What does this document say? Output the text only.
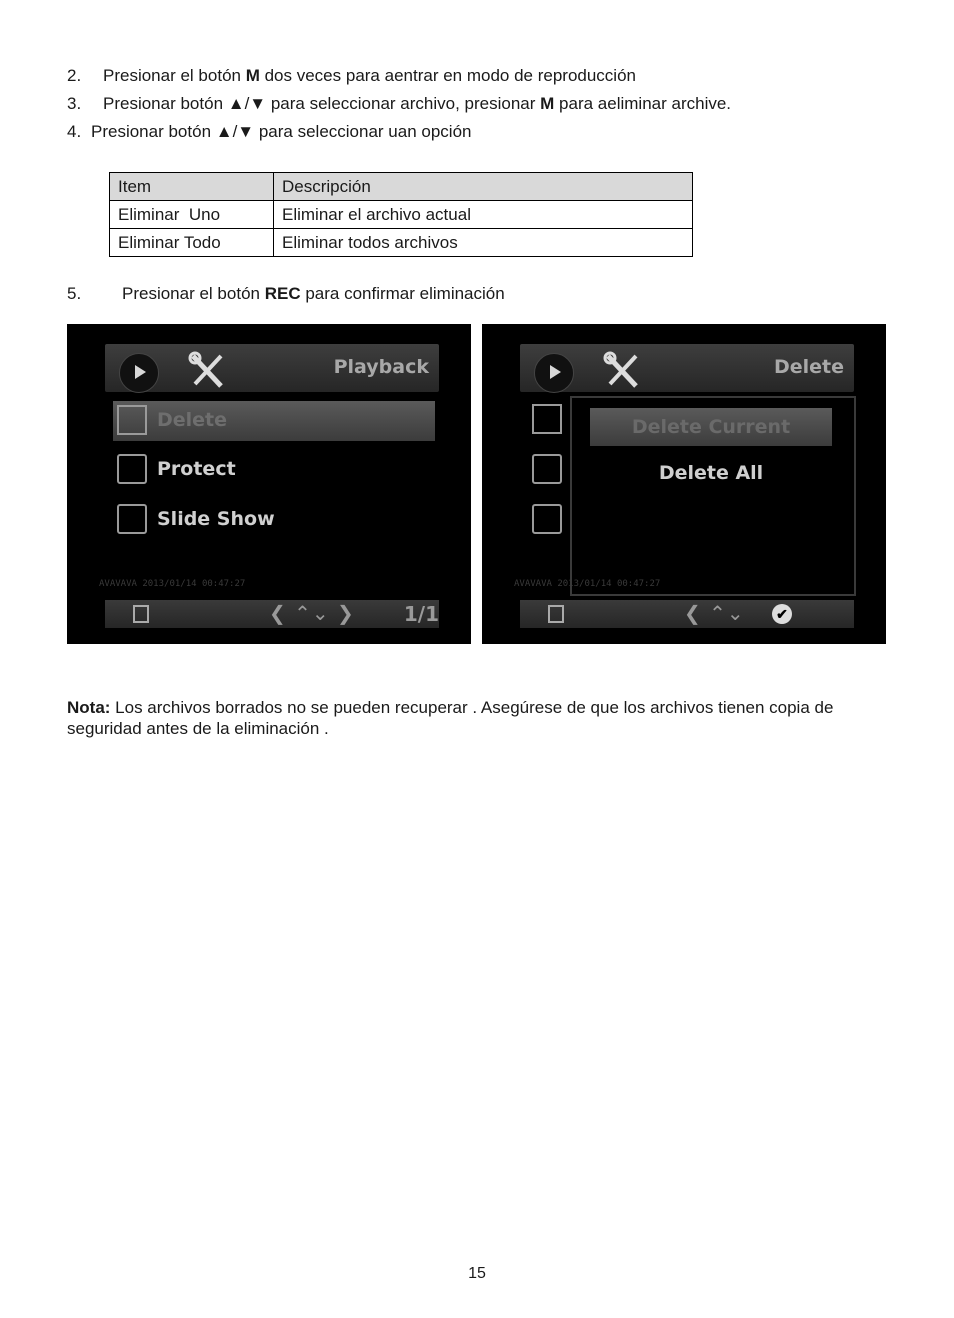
2. Presionar el botón M dos veces para aentrar en modo de reproducción
3. Presionar botón ▲/▼ para seleccionar archivo, presionar M para aeliminar archive.
4. Presionar botón ▲/▼ para seleccionar uan opción
Item	Descripción
Eliminar  Uno	Eliminar el archivo actual
Eliminar Todo	Eliminar todos archivos
5. Presionar el botón REC para confirmar eliminación
Playback
Delete
Protect
Slide Show
AVAVAVA 2013/01/14 00:47:27
❮ ⌃⌄ ❯ 1/1
Delete
Delete Current
Delete All
AVAVAVA 2013/01/14 00:47:27
❮ ⌃⌄ ✔
Nota: Los archivos borrados no se pueden recuperar . Asegúrese de que los archivos tienen copia de seguridad antes de la eliminación .
15
